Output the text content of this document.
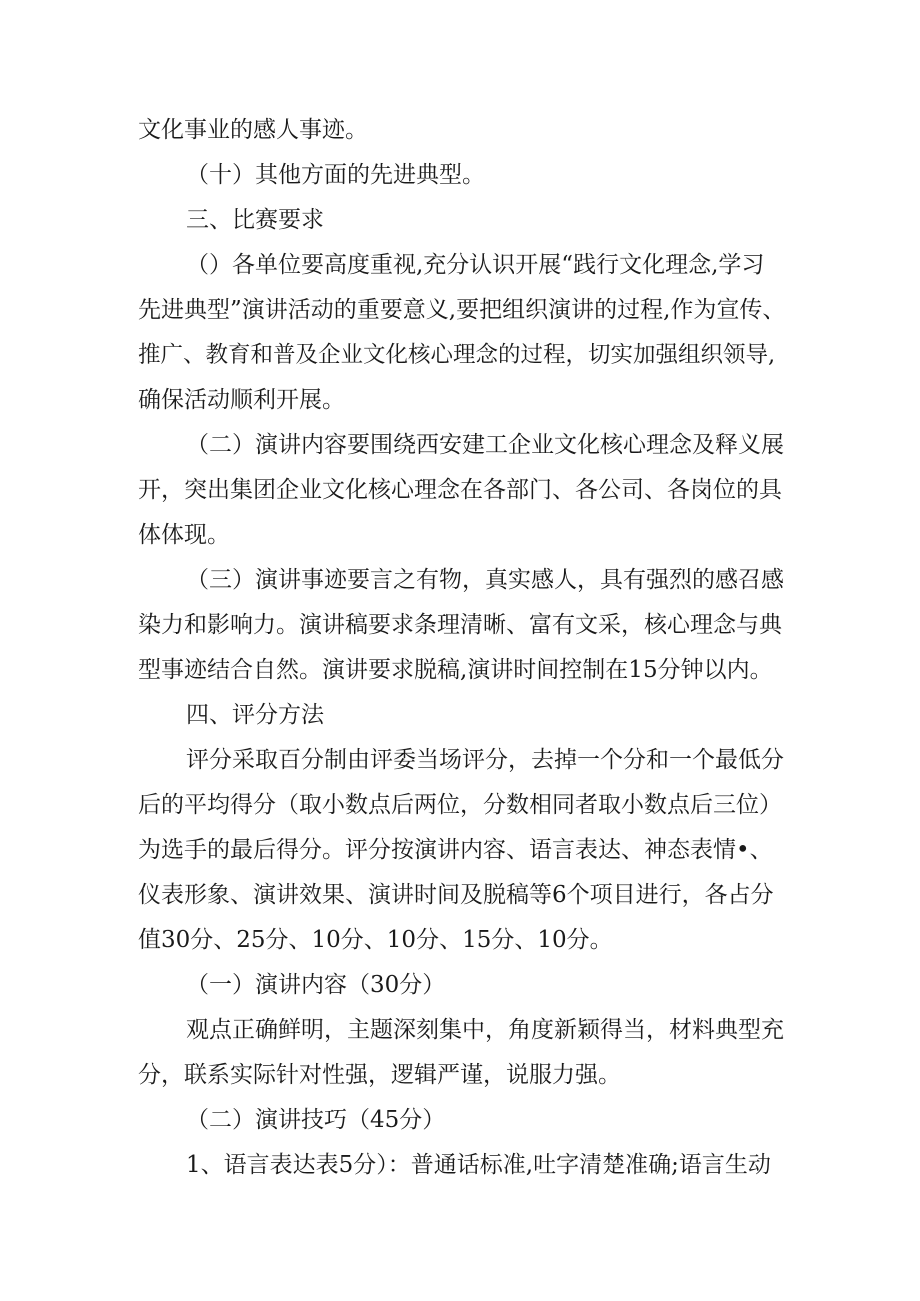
文化事业的感人事迹。
（十）其他方面的先进典型。
三、比赛要求
（）各单位要高度重视,充分认识开展“践行文化理念,学习
先进典型”演讲活动的重要意义,要把组织演讲的过程,作为宣传、
推广、教育和普及企业文化核心理念的过程，切实加强组织领导,
确保活动顺利开展。
（二）演讲内容要围绕西安建工企业文化核心理念及释义展
开，突出集团企业文化核心理念在各部门、各公司、各岗位的具
体体现。
（三）演讲事迹要言之有物，真实感人，具有强烈的感召感
染力和影响力。演讲稿要求条理清晰、富有文采，核心理念与典
型事迹结合自然。演讲要求脱稿,演讲时间控制在15分钟以内。
四、评分方法
评分采取百分制由评委当场评分，去掉一个分和一个最低分
后的平均得分（取小数点后两位，分数相同者取小数点后三位）
为选手的最后得分。评分按演讲内容、语言表达、神态表情•、
仪表形象、演讲效果、演讲时间及脱稿等6个项目进行，各占分
值30分、25分、10分、10分、15分、10分。
（一）演讲内容（30分）
观点正确鲜明，主题深刻集中，角度新颖得当，材料典型充
分，联系实际针对性强，逻辑严谨，说服力强。
（二）演讲技巧（45分）
1、语言表达表5分）：普通话标准,吐字清楚准确;语言生动
